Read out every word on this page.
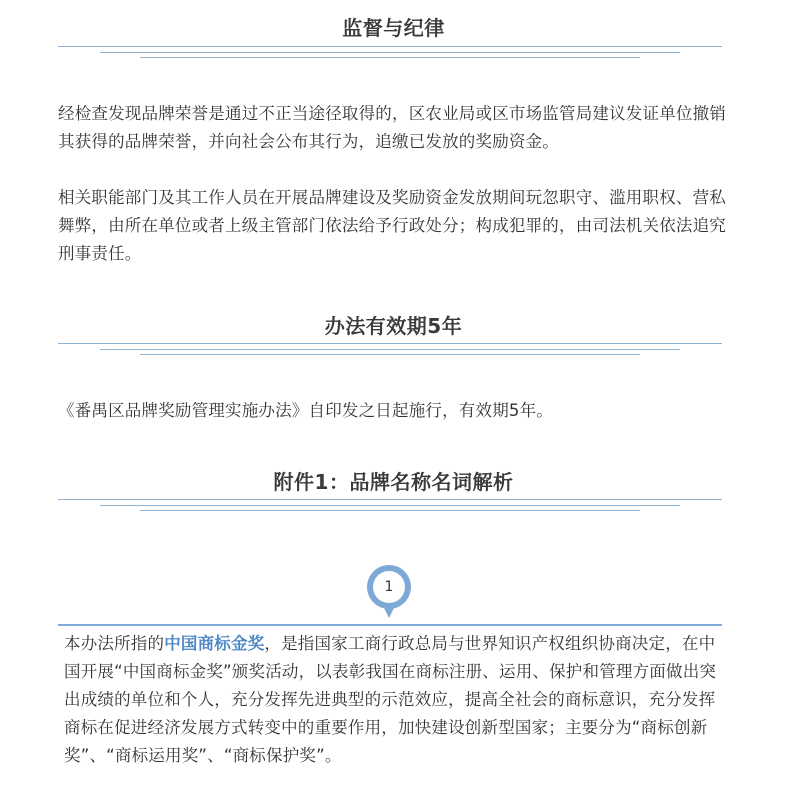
监督与纪律

经检查发现品牌荣誉是通过不正当途径取得的，区农业局或区市场监管局建议发证单位撤销其获得的品牌荣誉，并向社会公布其行为，追缴已发放的奖励资金。

相关职能部门及其工作人员在开展品牌建设及奖励资金发放期间玩忽职守、滥用职权、营私舞弊，由所在单位或者上级主管部门依法给予行政处分；构成犯罪的，由司法机关依法追究刑事责任。

办法有效期5年

《番禺区品牌奖励管理实施办法》自印发之日起施行，有效期5年。

附件1：品牌名称名词解析
1

本办法所指的中国商标金奖，是指国家工商行政总局与世界知识产权组织协商决定，在中国开展“中国商标金奖”颁奖活动，以表彰我国在商标注册、运用、保护和管理方面做出突出成绩的单位和个人，充分发挥先进典型的示范效应，提高全社会的商标意识，充分发挥商标在促进经济发展方式转变中的重要作用，加快建设创新型国家；主要分为“商标创新奖”、“商标运用奖”、“商标保护奖”。
